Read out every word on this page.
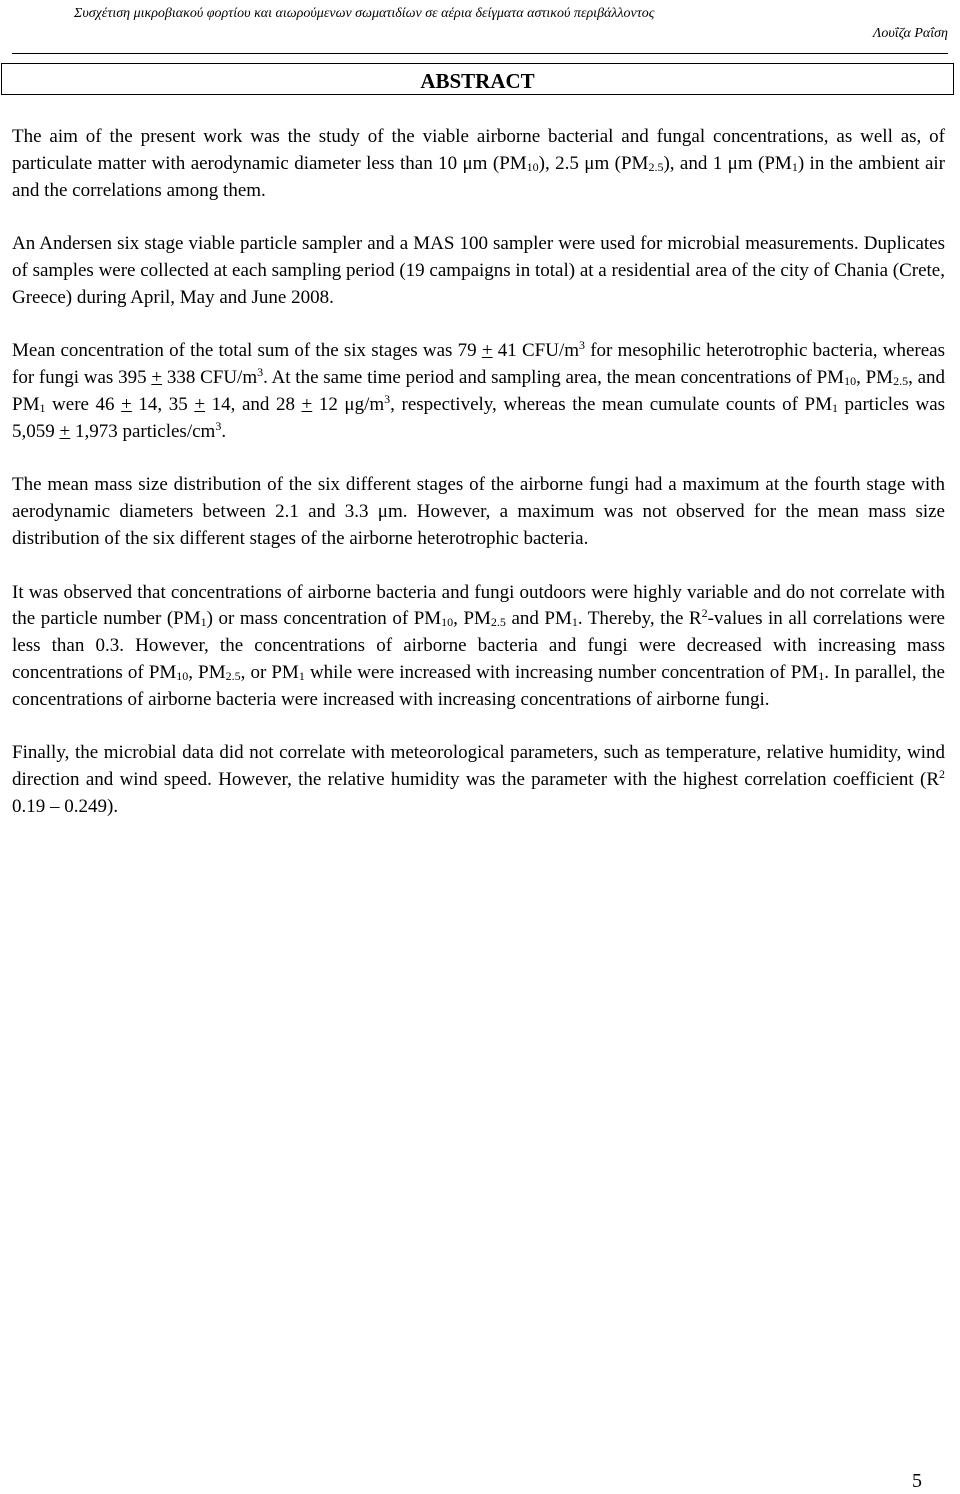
Συσχέτιση μικροβιακού φορτίου και αιωρούμενων σωματιδίων σε αέρια δείγματα αστικού περιβάλλοντος
Λουΐζα Ραΐση
ABSTRACT

The aim of the present work was the study of the viable airborne bacterial and fungal concentrations, as well as, of particulate matter with aerodynamic diameter less than 10 μm $(PM_{10})$, 2.5 μm $(PM_{2.5})$, and 1 μm $(PM_1)$ in the ambient air and the correlations among them.

An Andersen six stage viable particle sampler and a MAS 100 sampler were used for microbial measurements. Duplicates of samples were collected at each sampling period (19 campaigns in total) at a residential area of the city of Chania (Crete, Greece) during April, May and June 2008.

Mean concentration of the total sum of the six stages was 79 + 41 CFU/$m^3$ for mesophilic heterotrophic bacteria, whereas for fungi was 395 + 338 CFU/$m^3$. At the same time period and sampling area, the mean concentrations of $PM_{10}$, $PM_{2.5}$, and $PM_1$ were 46 + 14, 35 + 14, and 28 + 12 $\mu g/m^3$, respectively, whereas the mean cumulate counts of $PM_1$ particles was 5,059 + 1,973 particles/$cm^3$.

The mean mass size distribution of the six different stages of the airborne fungi had a maximum at the fourth stage with aerodynamic diameters between 2.1 and 3.3 μm. However, a maximum was not observed for the mean mass size distribution of the six different stages of the airborne heterotrophic bacteria.

It was observed that concentrations of airborne bacteria and fungi outdoors were highly variable and do not correlate with the particle number $(PM_1)$ or mass concentration of $PM_{10}$, $PM_{2.5}$ and $PM_1$. Thereby, the $R^2$-values in all correlations were less than 0.3. However, the concentrations of airborne bacteria and fungi were decreased with increasing mass concentrations of $PM_{10}$, $PM_{2.5}$, or $PM_1$ while were increased with increasing number concentration of $PM_1$. In parallel, the concentrations of airborne bacteria were increased with increasing concentrations of airborne fungi.

Finally, the microbial data did not correlate with meteorological parameters, such as temperature, relative humidity, wind direction and wind speed. However, the relative humidity was the parameter with the highest correlation coefficient ($R^2$ 0.19 – 0.249).

5
